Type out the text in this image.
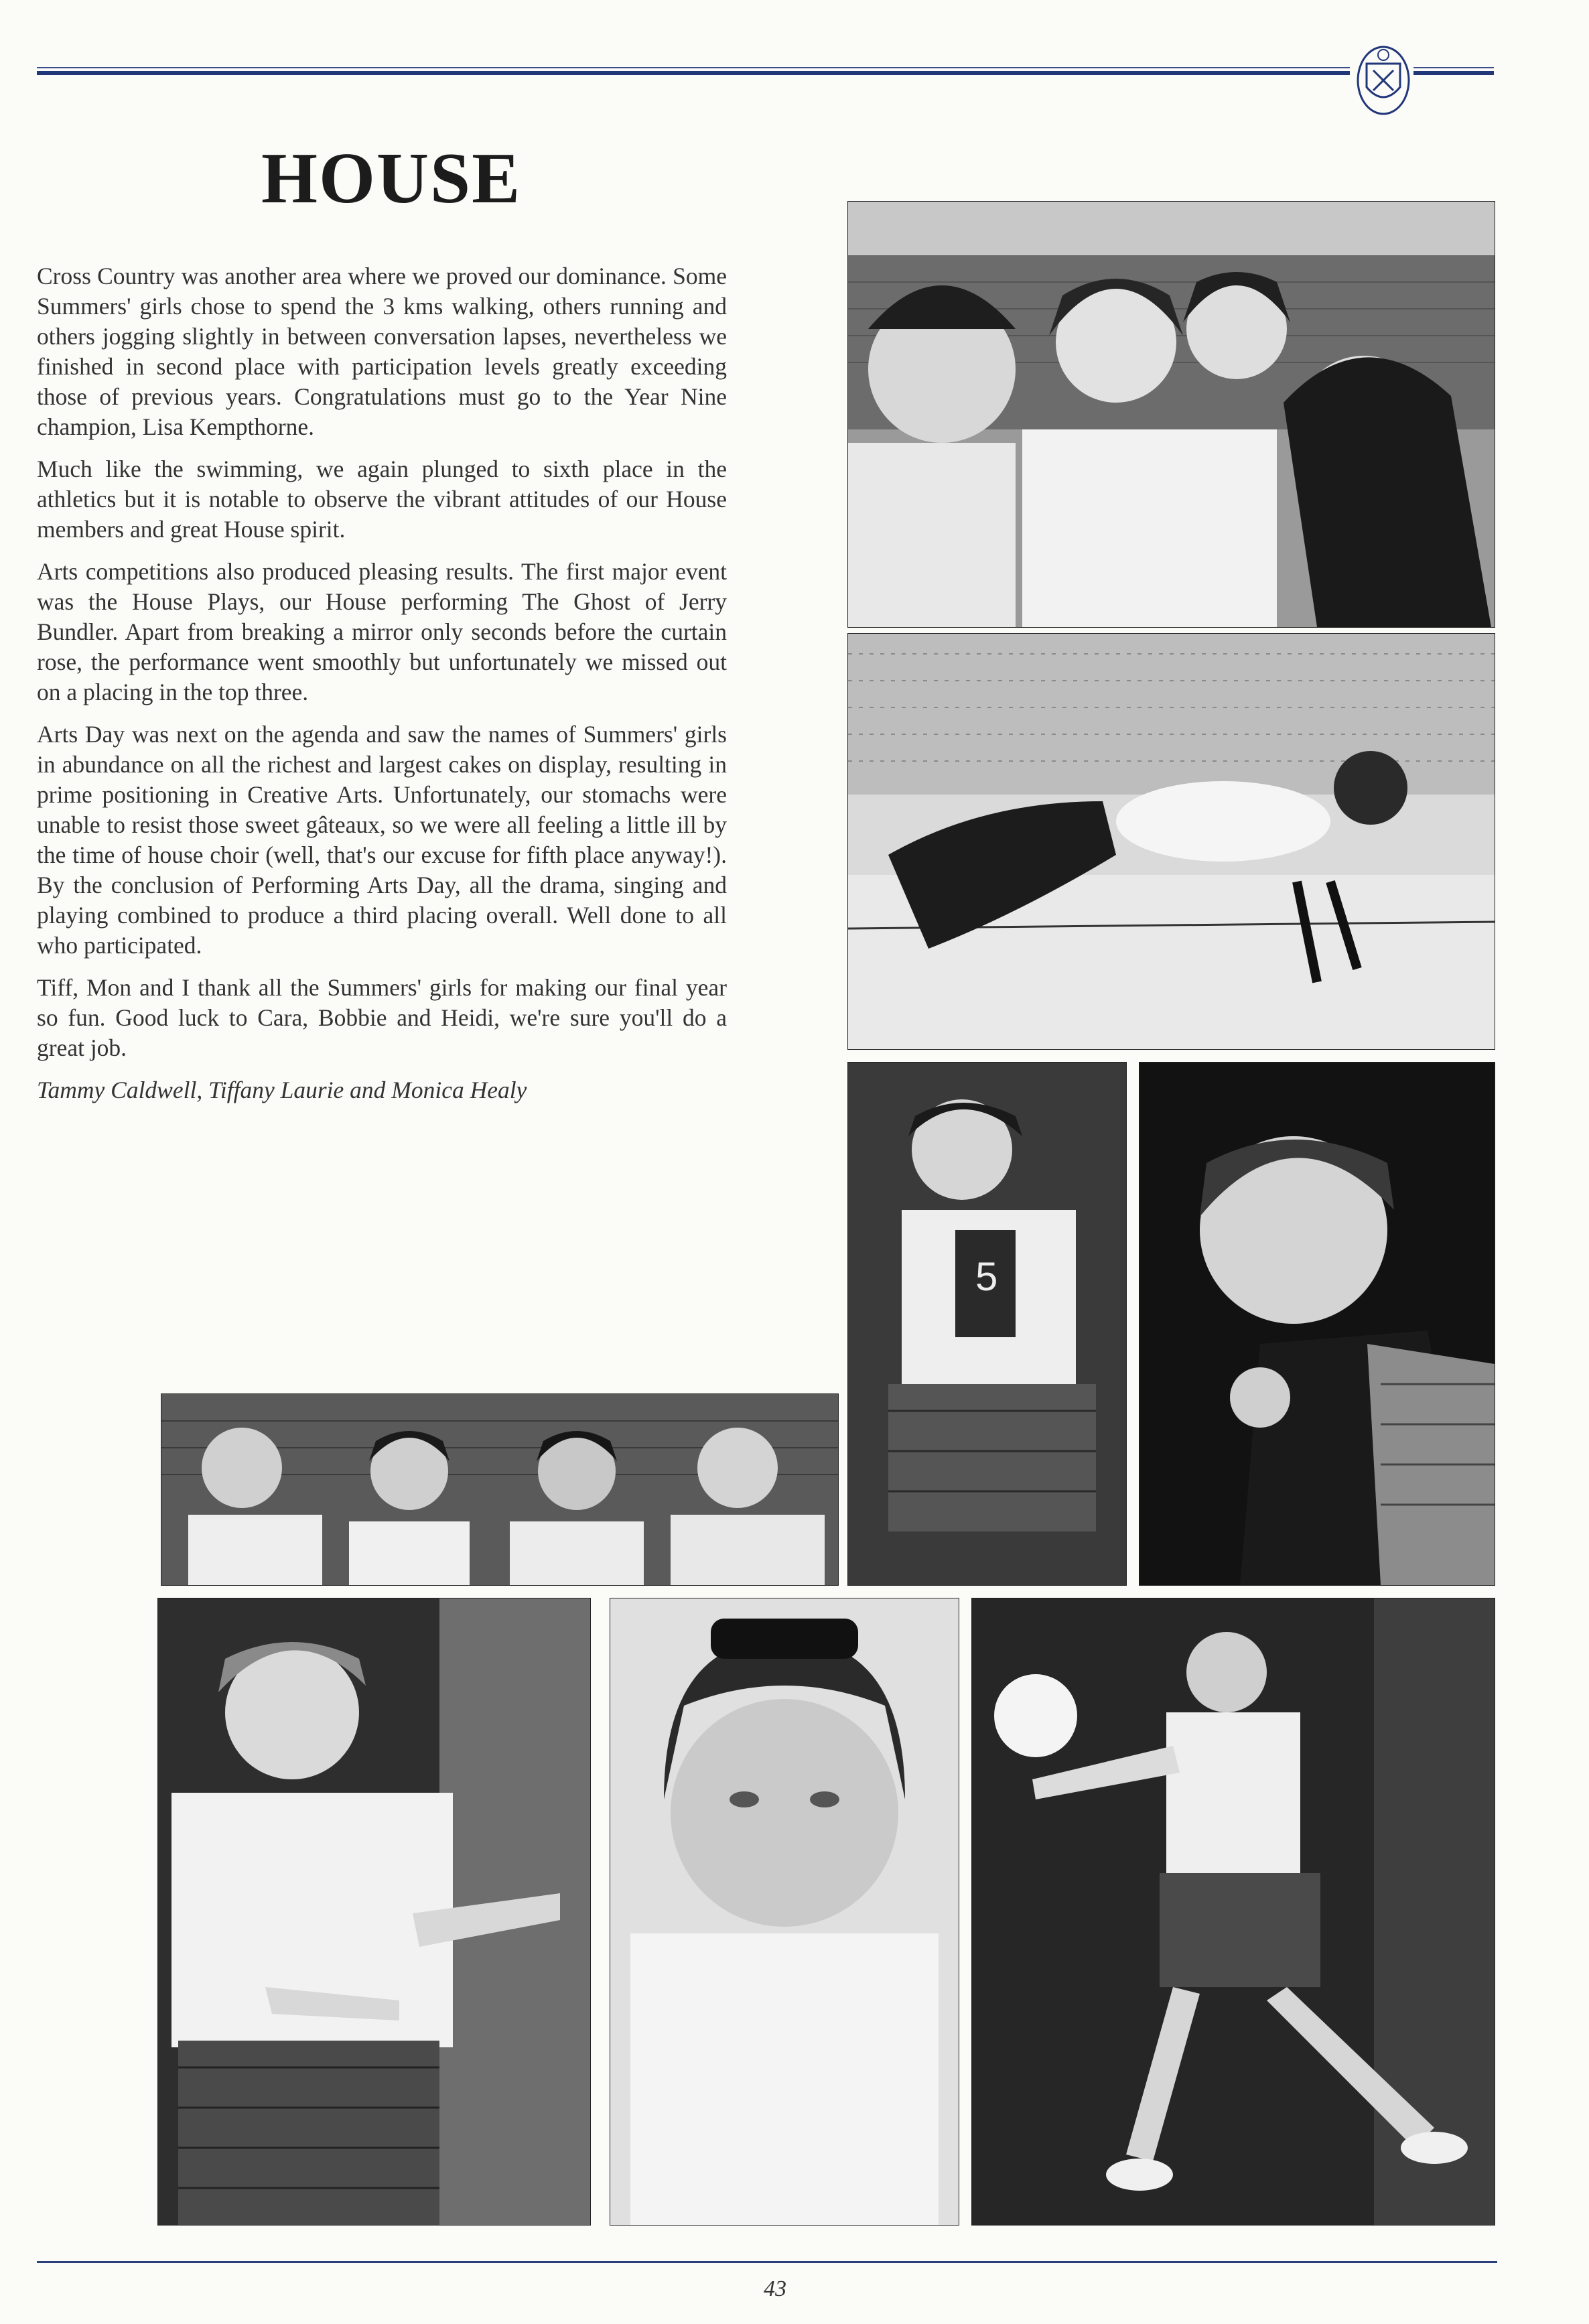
HOUSE

Cross Country was another area where we proved our dominance. Some Summers' girls chose to spend the 3 kms walking, others running and others jogging slightly in between conversation lapses, nevertheless we finished in second place with participation levels greatly exceeding those of previous years. Congratulations must go to the Year Nine champion, Lisa Kempthorne.

Much like the swimming, we again plunged to sixth place in the athletics but it is notable to observe the vibrant attitudes of our House members and great House spirit.

Arts competitions also produced pleasing results. The first major event was the House Plays, our House performing The Ghost of Jerry Bundler. Apart from breaking a mirror only seconds before the curtain rose, the performance went smoothly but unfortunately we missed out on a placing in the top three.

Arts Day was next on the agenda and saw the names of Summers' girls in abundance on all the richest and largest cakes on display, resulting in prime positioning in Creative Arts. Unfortunately, our stomachs were unable to resist those sweet gâteaux, so we were all feeling a little ill by the time of house choir (well, that's our excuse for fifth place anyway!). By the conclusion of Performing Arts Day, all the drama, singing and playing combined to produce a third placing overall. Well done to all who participated.

Tiff, Mon and I thank all the Summers' girls for making our final year so fun. Good luck to Cara, Bobbie and Heidi, we're sure you'll do a great job.

Tammy Caldwell, Tiffany Laurie and Monica Healy

5
43
